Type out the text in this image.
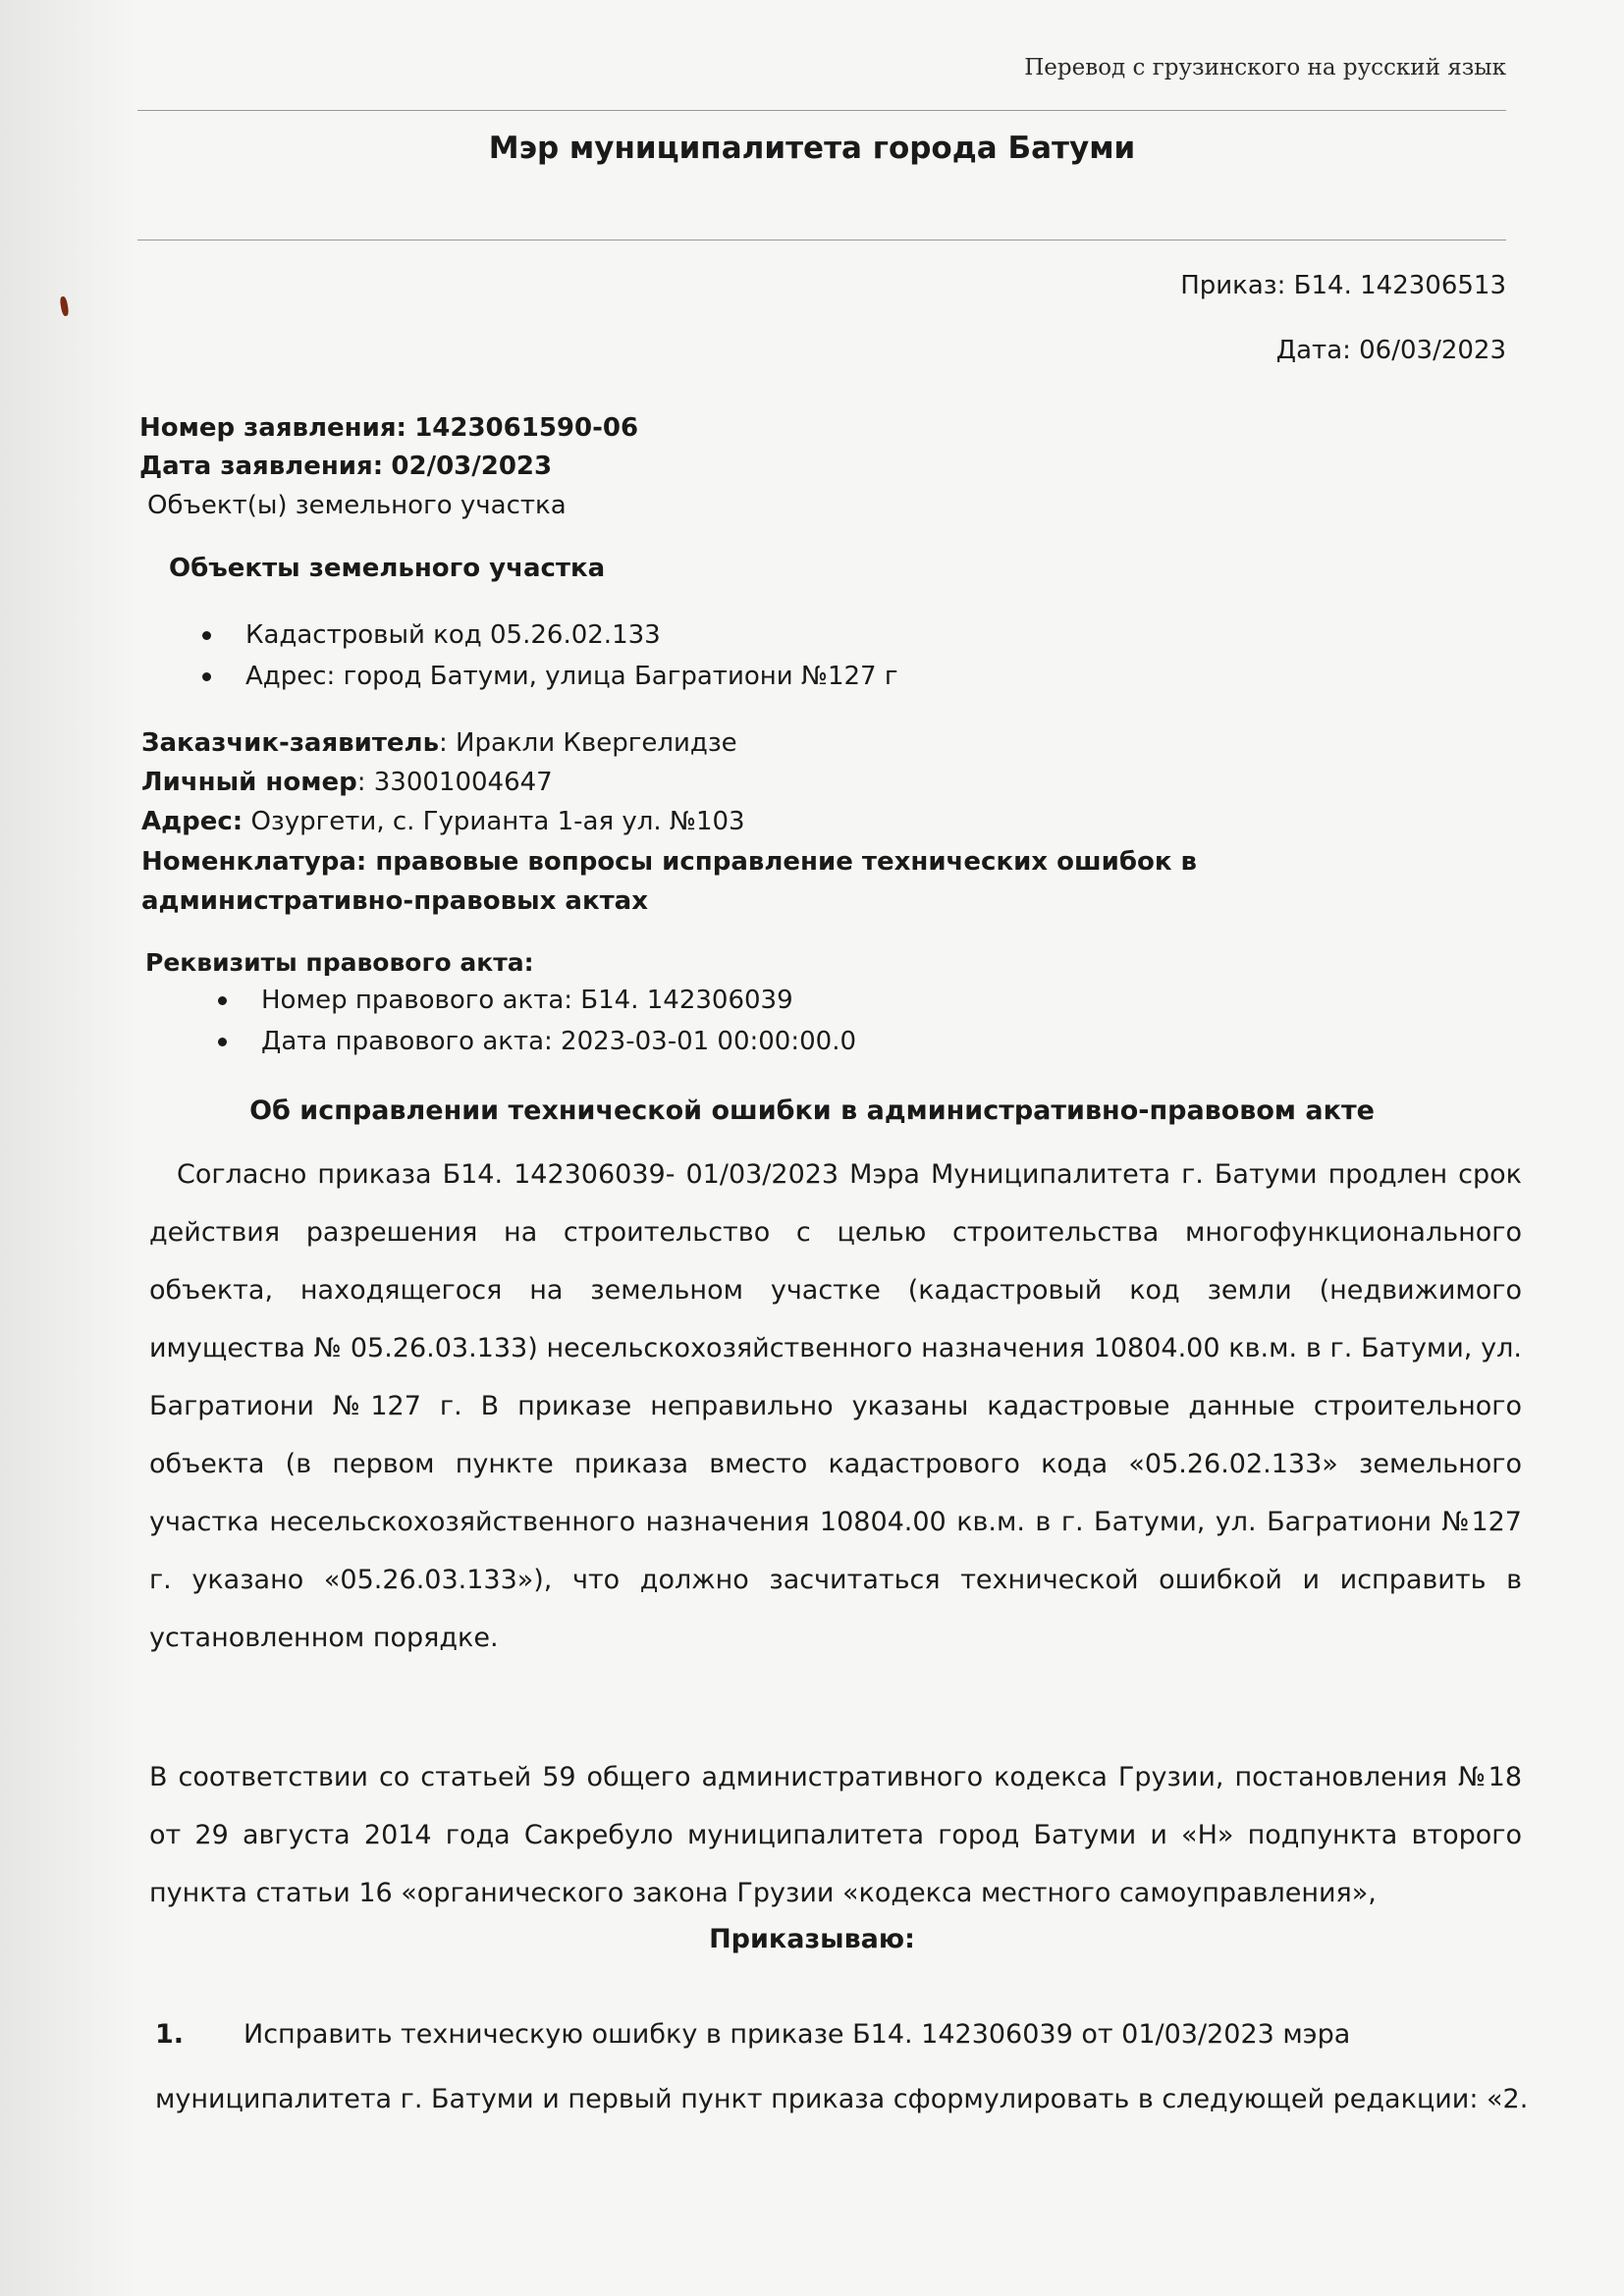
Перевод с грузинского на русский язык
Мэр муниципалитета города Батуми
Приказ: Б14. 142306513
Дата: 06/03/2023
Номер заявления: 1423061590-06
Дата заявления: 02/03/2023
Объект(ы) земельного участка
Объекты земельного участка
Кадастровый код 05.26.02.133
Адрес: город Батуми, улица Багратиони №127 г
Заказчик-заявитель: Иракли Квергелидзе
Личный номер: 33001004647
Адрес: Озургети, с. Гурианта 1-ая ул. №103
Номенклатура: правовые вопросы исправление технических ошибок в административно-правовых актах
Реквизиты правового акта:
Номер правового акта: Б14. 142306039
Дата правового акта: 2023-03-01 00:00:00.0
Об исправлении технической ошибки в административно-правовом акте

Согласно приказа Б14. 142306039- 01/03/2023 Мэра Муниципалитета г. Батуми продлен срок действия разрешения на строительство с целью строительства многофункционального объекта, находящегося на земельном участке (кадастровый код земли (недвижимого имущества № 05.26.03.133) несельскохозяйственного назначения 10804.00 кв.м. в г. Батуми, ул. Багратиони №127 г. В приказе неправильно указаны кадастровые данные строительного объекта (в первом пункте приказа вместо кадастрового кода «05.26.02.133» земельного участка несельскохозяйственного назначения 10804.00 кв.м. в г. Батуми, ул. Багратиони №127 г. указано «05.26.03.133»), что должно засчитаться технической ошибкой и исправить в установленном порядке.

В соответствии со статьей 59 общего административного кодекса Грузии, постановления №18 от 29 августа 2014 года Сакребуло муниципалитета город Батуми и «Н» подпункта второго пункта статьи 16 «органического закона Грузии «кодекса местного самоуправления»,

Приказываю:
1. Исправить техническую ошибку в приказе Б14. 142306039 от 01/03/2023 мэра муниципалитета г. Батуми и первый пункт приказа сформулировать в следующей редакции: «2.
